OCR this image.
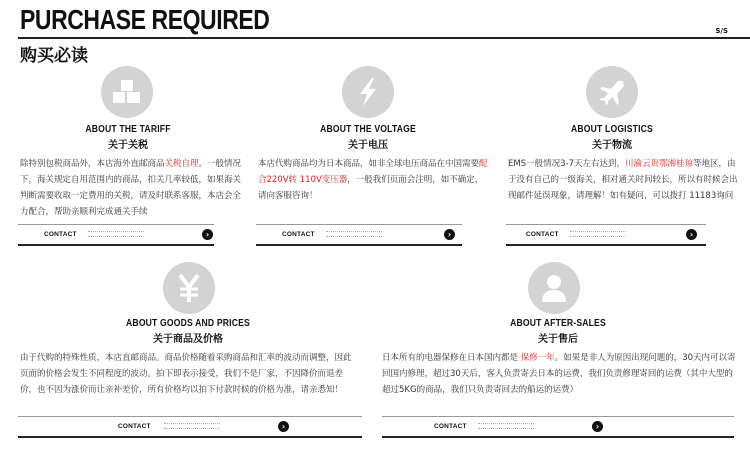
PURCHASE REQUIRED	S/S
购买必读
ABOUT THE TARIFF
关于关税
除特别包税商品外，本店海外直邮商品关税自理。一般情况下，海关规定自用范围内的商品，扣关几率较低，如果海关判断需要收取一定费用的关税，请及时联系客服，本店会全力配合，帮助亲顺利完成通关手续
CONTACT	›
ABOUT THE VOLTAGE
关于电压
本店代购商品均为日本商品，如非全球电压商品在中国需要配合220V转 110V变压器，一般我们页面会注明，如不确定，请向客服咨询！
CONTACT	›
ABOUT LOGISTICS
关于物流
EMS一般情况3-7天左右达到，川渝云贵鄂湘桂琼等地区，由于没有自己的一级海关，相对通关时间较长，所以有时候会出现邮件延误现象，请理解！如有疑问，可以拨打 11183询问
CONTACT	›
ABOUT GOODS AND PRICES
关于商品及价格
由于代购的特殊性质，本店直邮商品。商品价格随着采购商品和汇率的波动而调整，因此页面的价格会发生不同程度的波动。拍下即表示接受，我们不是厂家，不因降价而退差价，也不因为涨价而让亲补差价，所有价格均以拍下付款时候的价格为准，请亲悉知！
CONTACT	›
ABOUT AFTER-SALES
关于售后
日本所有的电器保修在日本国内都是 保修一年。如果是非人为原因出现问题的，30天内可以寄回国内修理，超过30天后，客人负责寄去日本的运费，我们负责修理寄回的运费（其中大型的超过5KG的商品，我们只负责寄回去的船运的运费）
CONTACT	›
